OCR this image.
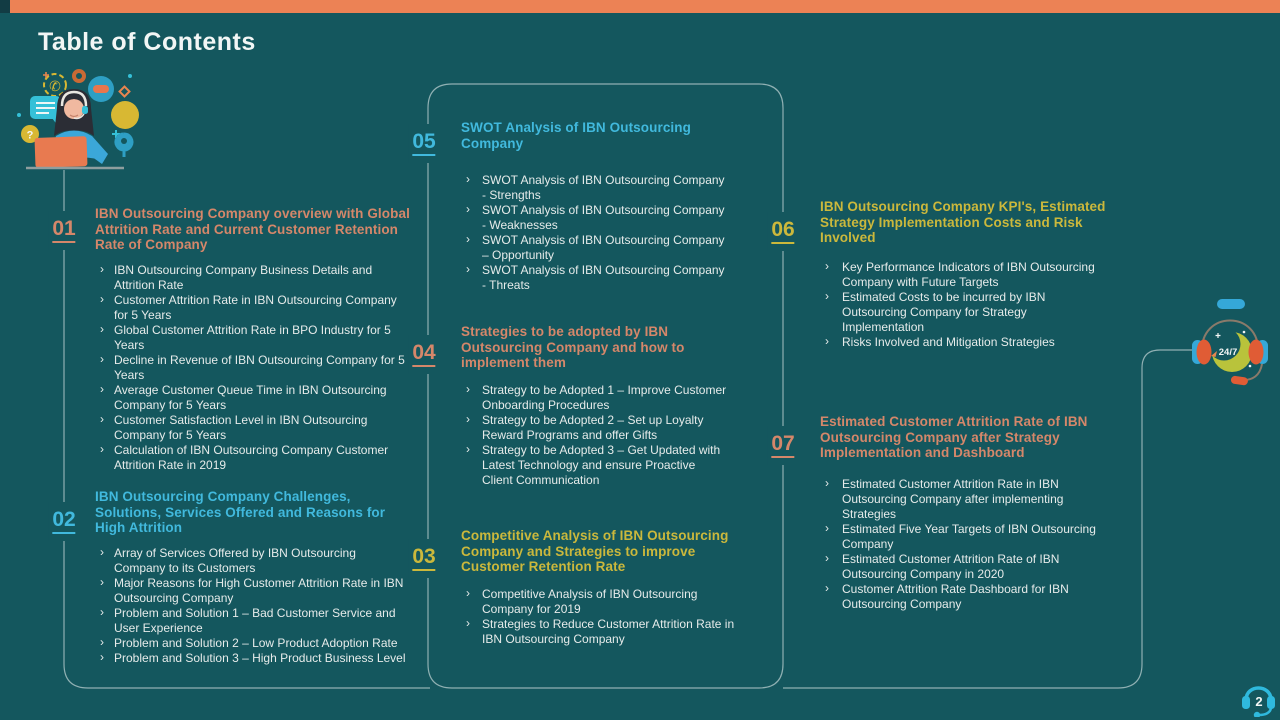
Table of Contents
✆
?
24/7
01
02
05
04
03
06
07
IBN Outsourcing Company overview with Global Attrition Rate and Current Customer Retention Rate of Company
› IBN Outsourcing Company Business Details and Attrition Rate
› Customer Attrition Rate in IBN Outsourcing Company for 5 Years
› Global Customer Attrition Rate in BPO Industry for 5 Years
› Decline in Revenue of IBN Outsourcing Company for 5 Years
› Average Customer Queue Time in IBN Outsourcing Company for 5 Years
› Customer Satisfaction Level in IBN Outsourcing Company for 5 Years
› Calculation of IBN Outsourcing Company Customer Attrition Rate in 2019
IBN Outsourcing Company Challenges, Solutions, Services Offered and Reasons for High Attrition
› Array of Services Offered by IBN Outsourcing Company to its Customers
› Major Reasons for High Customer Attrition Rate in IBN Outsourcing Company
› Problem and Solution 1 – Bad Customer Service and User Experience
› Problem and Solution 2 – Low Product Adoption Rate
› Problem and Solution 3 – High Product Business Level
SWOT Analysis of IBN Outsourcing Company
› SWOT Analysis of IBN Outsourcing Company - Strengths
› SWOT Analysis of IBN Outsourcing Company - Weaknesses
› SWOT Analysis of IBN Outsourcing Company – Opportunity
› SWOT Analysis of IBN Outsourcing Company - Threats
Strategies to be adopted by IBN Outsourcing Company and how to implement them
› Strategy to be Adopted 1 – Improve Customer Onboarding Procedures
› Strategy to be Adopted 2 – Set up Loyalty Reward Programs and offer Gifts
› Strategy to be Adopted 3 – Get Updated with Latest Technology and ensure Proactive Client Communication
Competitive Analysis of IBN Outsourcing Company and Strategies to improve Customer Retention Rate
› Competitive Analysis of IBN Outsourcing Company for 2019
› Strategies to Reduce Customer Attrition Rate in IBN Outsourcing Company
IBN Outsourcing Company KPI's, Estimated Strategy Implementation Costs and Risk Involved
› Key Performance Indicators of IBN Outsourcing Company with Future Targets
› Estimated Costs to be incurred by IBN Outsourcing Company for Strategy Implementation
› Risks Involved and Mitigation Strategies
Estimated Customer Attrition Rate of IBN Outsourcing Company after Strategy Implementation and Dashboard
› Estimated Customer Attrition Rate in IBN Outsourcing Company after implementing Strategies
› Estimated Five Year Targets of IBN Outsourcing Company
› Estimated Customer Attrition Rate of IBN Outsourcing Company in 2020
› Customer Attrition Rate Dashboard for IBN Outsourcing Company
2
